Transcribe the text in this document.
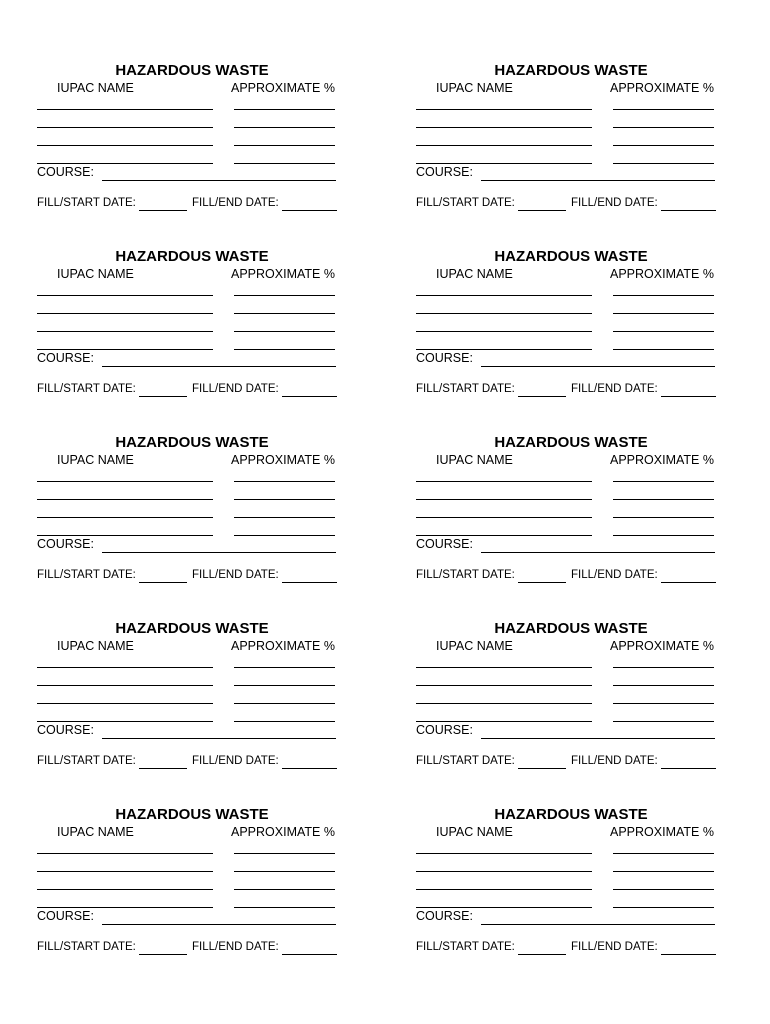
HAZARDOUS WASTE
IUPAC NAME	APPROXIMATE %
COURSE:
FILL/START DATE:	FILL/END DATE:
HAZARDOUS WASTE
IUPAC NAME	APPROXIMATE %
COURSE:
FILL/START DATE:	FILL/END DATE:
HAZARDOUS WASTE
IUPAC NAME	APPROXIMATE %
COURSE:
FILL/START DATE:	FILL/END DATE:
HAZARDOUS WASTE
IUPAC NAME	APPROXIMATE %
COURSE:
FILL/START DATE:	FILL/END DATE:
HAZARDOUS WASTE
IUPAC NAME	APPROXIMATE %
COURSE:
FILL/START DATE:	FILL/END DATE:
HAZARDOUS WASTE
IUPAC NAME	APPROXIMATE %
COURSE:
FILL/START DATE:	FILL/END DATE:
HAZARDOUS WASTE
IUPAC NAME	APPROXIMATE %
COURSE:
FILL/START DATE:	FILL/END DATE:
HAZARDOUS WASTE
IUPAC NAME	APPROXIMATE %
COURSE:
FILL/START DATE:	FILL/END DATE:
HAZARDOUS WASTE
IUPAC NAME	APPROXIMATE %
COURSE:
FILL/START DATE:	FILL/END DATE:
HAZARDOUS WASTE
IUPAC NAME	APPROXIMATE %
COURSE:
FILL/START DATE:	FILL/END DATE:
